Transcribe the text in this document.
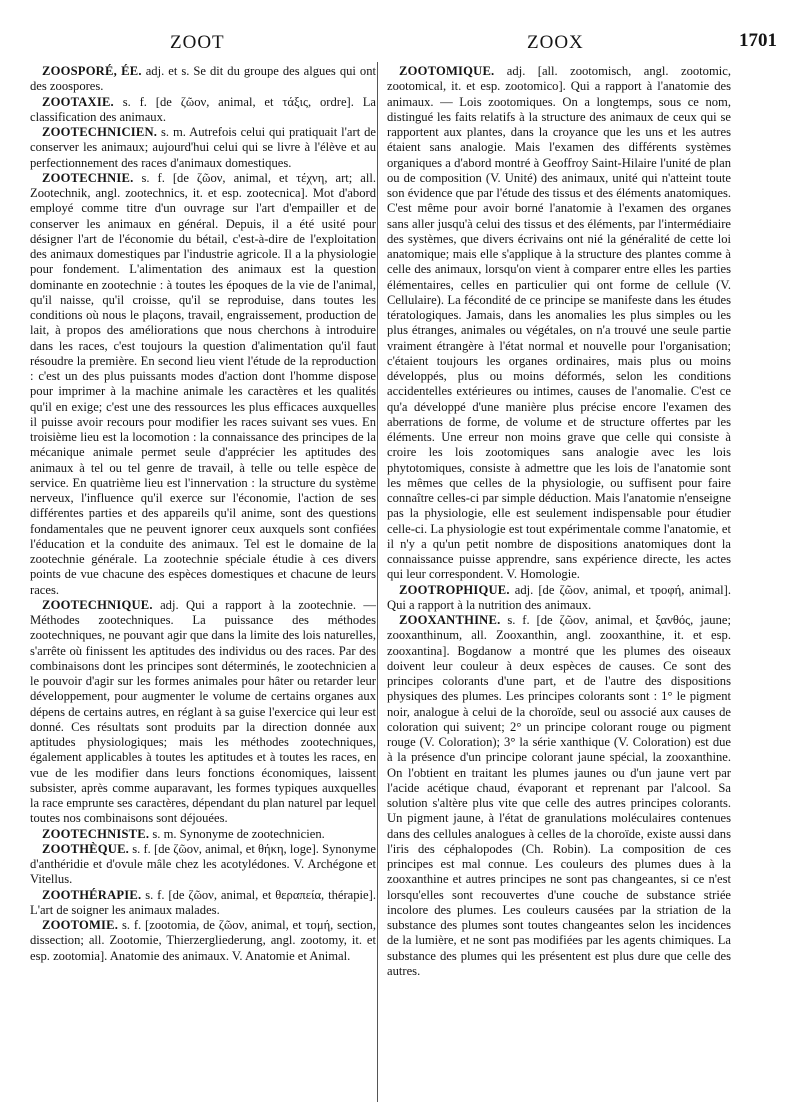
ZOOT	ZOOX	1701

ZOOSPORÉ, ÉE. adj. et s. Se dit du groupe des algues qui ont des zoospores.

ZOOTAXIE. s. f. [de ζῶον, animal, et τάξις, ordre]. La classification des animaux.

ZOOTECHNICIEN. s. m. Autrefois celui qui pratiquait l'art de conserver les animaux; aujourd'hui celui qui se livre à l'élève et au perfectionnement des races d'animaux domestiques.

ZOOTECHNIE. s. f. [de ζῶον, animal, et τέχνη, art; all. Zootechnik, angl. zootechnics, it. et esp. zootecnica]. Mot d'abord employé comme titre d'un ouvrage sur l'art d'empailler et de conserver les animaux en général. Depuis, il a été usité pour désigner l'art de l'économie du bétail, c'est-à-dire de l'exploitation des animaux domestiques par l'industrie agricole. Il a la physiologie pour fondement. L'alimentation des animaux est la question dominante en zootechnie : à toutes les époques de la vie de l'animal, qu'il naisse, qu'il croisse, qu'il se reproduise, dans toutes les conditions où nous le plaçons, travail, engraissement, production de lait, à propos des améliorations que nous cherchons à introduire dans les races, c'est toujours la question d'alimentation qu'il faut résoudre la première. En second lieu vient l'étude de la reproduction : c'est un des plus puissants modes d'action dont l'homme dispose pour imprimer à la machine animale les caractères et les qualités qu'il en exige; c'est une des ressources les plus efficaces auxquelles il puisse avoir recours pour modifier les races suivant ses vues. En troisième lieu est la locomotion : la connaissance des principes de la mécanique animale permet seule d'apprécier les aptitudes des animaux à tel ou tel genre de travail, à telle ou telle espèce de service. En quatrième lieu est l'innervation : la structure du système nerveux, l'influence qu'il exerce sur l'économie, l'action de ses différentes parties et des appareils qu'il anime, sont des questions fondamentales que ne peuvent ignorer ceux auxquels sont confiées l'éducation et la conduite des animaux. Tel est le domaine de la zootechnie générale. La zootechnie spéciale étudie à ces divers points de vue chacune des espèces domestiques et chacune de leurs races.

ZOOTECHNIQUE. adj. Qui a rapport à la zootechnie. — Méthodes zootechniques. La puissance des méthodes zootechniques, ne pouvant agir que dans la limite des lois naturelles, s'arrête où finissent les aptitudes des individus ou des races. Par des combinaisons dont les principes sont déterminés, le zootechnicien a le pouvoir d'agir sur les formes animales pour hâter ou retarder leur développement, pour augmenter le volume de certains organes aux dépens de certains autres, en réglant à sa guise l'exercice qui leur est donné. Ces résultats sont produits par la direction donnée aux aptitudes physiologiques; mais les méthodes zootechniques, également applicables à toutes les aptitudes et à toutes les races, en vue de les modifier dans leurs fonctions économiques, laissent subsister, après comme auparavant, les formes typiques auxquelles la race emprunte ses caractères, dépendant du plan naturel par lequel toutes nos combinaisons sont déjouées.

ZOOTECHNISTE. s. m. Synonyme de zootechnicien.

ZOOTHÈQUE. s. f. [de ζῶον, animal, et θήκη, loge]. Synonyme d'anthéridie et d'ovule mâle chez les acotylédones. V. Archégone et Vitellus.

ZOOTHÉRAPIE. s. f. [de ζῶον, animal, et θεραπεία, thérapie]. L'art de soigner les animaux malades.

ZOOTOMIE. s. f. [zootomia, de ζῶον, animal, et τομή, section, dissection; all. Zootomie, Thierzergliederung, angl. zootomy, it. et esp. zootomia]. Anatomie des animaux. V. Anatomie et Animal.

ZOOTOMIQUE. adj. [all. zootomisch, angl. zootomic, zootomical, it. et esp. zootomico]. Qui a rapport à l'anatomie des animaux. — Lois zootomiques. On a longtemps, sous ce nom, distingué les faits relatifs à la structure des animaux de ceux qui se rapportent aux plantes, dans la croyance que les uns et les autres étaient sans analogie. Mais l'examen des différents systèmes organiques a d'abord montré à Geoffroy Saint-Hilaire l'unité de plan ou de composition (V. Unité) des animaux, unité qui n'atteint toute son évidence que par l'étude des tissus et des éléments anatomiques. C'est même pour avoir borné l'anatomie à l'examen des organes sans aller jusqu'à celui des tissus et des éléments, par l'intermédiaire des systèmes, que divers écrivains ont nié la généralité de cette loi anatomique; mais elle s'applique à la structure des plantes comme à celle des animaux, lorsqu'on vient à comparer entre elles les parties élémentaires, celles en particulier qui ont forme de cellule (V. Cellulaire). La fécondité de ce principe se manifeste dans les études tératologiques. Jamais, dans les anomalies les plus simples ou les plus étranges, animales ou végétales, on n'a trouvé une seule partie vraiment étrangère à l'état normal et nouvelle pour l'organisation; c'étaient toujours les organes ordinaires, mais plus ou moins développés, plus ou moins déformés, selon les conditions accidentelles extérieures ou intimes, causes de l'anomalie. C'est ce qu'a développé d'une manière plus précise encore l'examen des aberrations de forme, de volume et de structure offertes par les éléments. Une erreur non moins grave que celle qui consiste à croire les lois zootomiques sans analogie avec les lois phytotomiques, consiste à admettre que les lois de l'anatomie sont les mêmes que celles de la physiologie, ou suffisent pour faire connaître celles-ci par simple déduction. Mais l'anatomie n'enseigne pas la physiologie, elle est seulement indispensable pour étudier celle-ci. La physiologie est tout expérimentale comme l'anatomie, et il n'y a qu'un petit nombre de dispositions anatomiques dont la connaissance puisse apprendre, sans expérience directe, les actes qui leur correspondent. V. Homologie.

ZOOTROPHIQUE. adj. [de ζῶον, animal, et τροφή, animal]. Qui a rapport à la nutrition des animaux.

ZOOXANTHINE. s. f. [de ζῶον, animal, et ξανθός, jaune; zooxanthinum, all. Zooxanthin, angl. zooxanthine, it. et esp. zooxantina]. Bogdanow a montré que les plumes des oiseaux doivent leur couleur à deux espèces de causes. Ce sont des principes colorants d'une part, et de l'autre des dispositions physiques des plumes. Les principes colorants sont : 1° le pigment noir, analogue à celui de la choroïde, seul ou associé aux causes de coloration qui suivent; 2° un principe colorant rouge ou pigment rouge (V. Coloration); 3° la série xanthique (V. Coloration) est due à la présence d'un principe colorant jaune spécial, la zooxanthine. On l'obtient en traitant les plumes jaunes ou d'un jaune vert par l'acide acétique chaud, évaporant et reprenant par l'alcool. Sa solution s'altère plus vite que celle des autres principes colorants. Un pigment jaune, à l'état de granulations moléculaires contenues dans des cellules analogues à celles de la choroïde, existe aussi dans l'iris des céphalopodes (Ch. Robin). La composition de ces principes est mal connue. Les couleurs des plumes dues à la zooxanthine et autres principes ne sont pas changeantes, si ce n'est lorsqu'elles sont recouvertes d'une couche de substance striée incolore des plumes. Les couleurs causées par la striation de la substance des plumes sont toutes changeantes selon les incidences de la lumière, et ne sont pas modifiées par les agents chimiques. La substance des plumes qui les présentent est plus dure que celle des autres.
